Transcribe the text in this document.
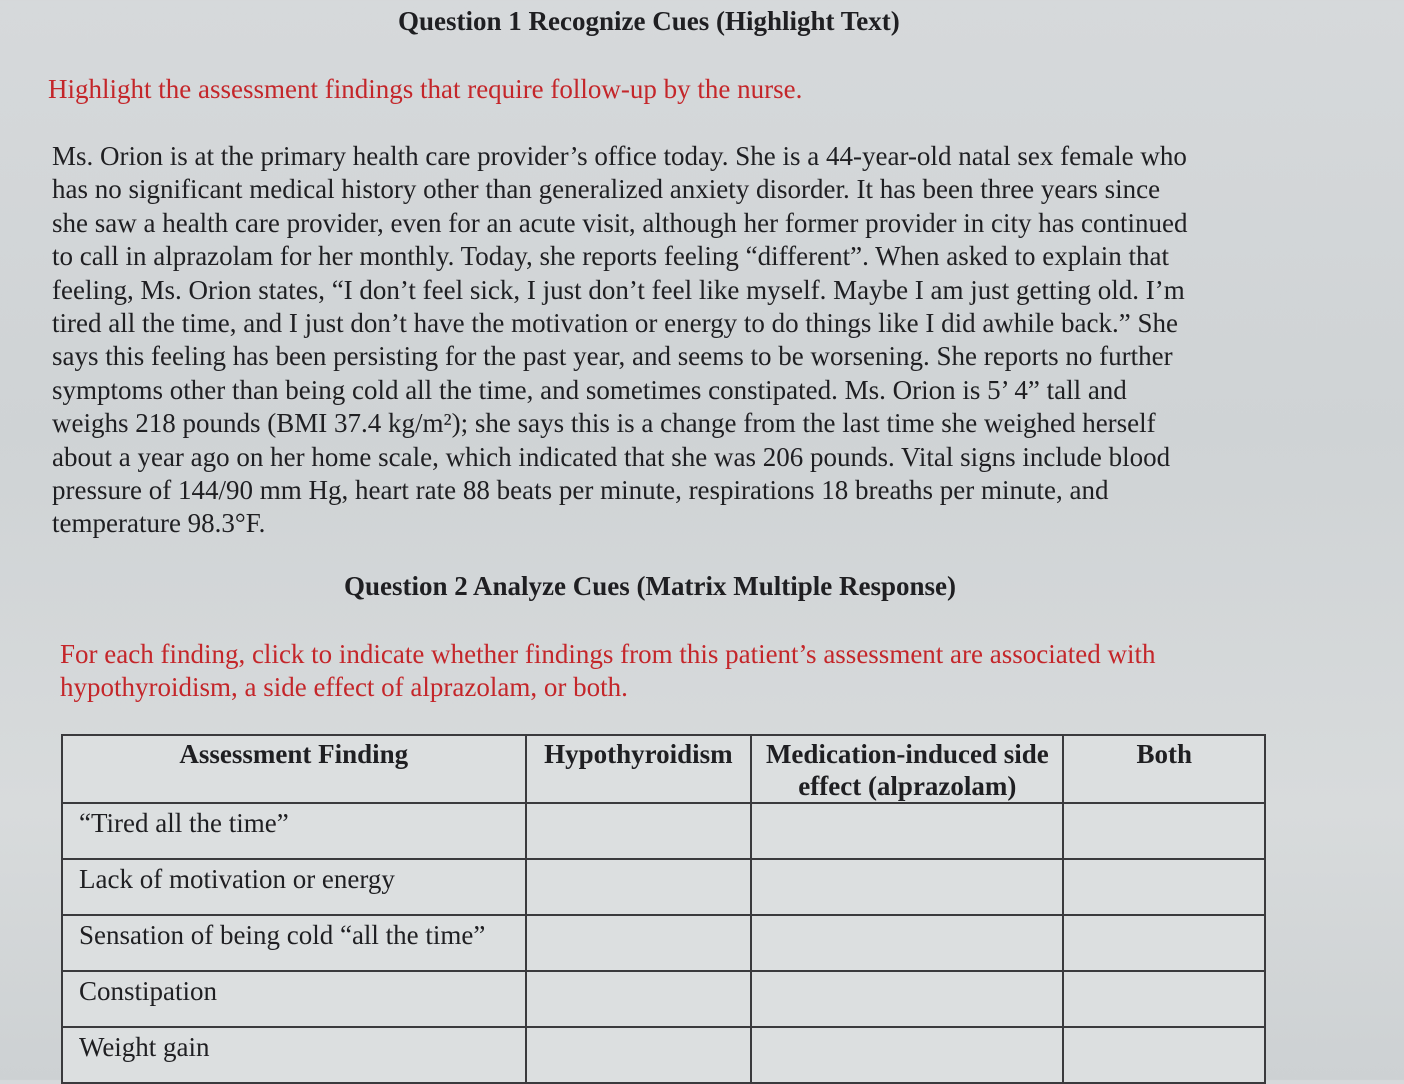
Question 1 Recognize Cues (Highlight Text)
Highlight the assessment findings that require follow-up by the nurse.
Ms. Orion is at the primary health care provider’s office today. She is a 44-year-old natal sex female who
has no significant medical history other than generalized anxiety disorder. It has been three years since
she saw a health care provider, even for an acute visit, although her former provider in city has continued
to call in alprazolam for her monthly. Today, she reports feeling “different”. When asked to explain that
feeling, Ms. Orion states, “I don’t feel sick, I just don’t feel like myself. Maybe I am just getting old. I’m
tired all the time, and I just don’t have the motivation or energy to do things like I did awhile back.” She
says this feeling has been persisting for the past year, and seems to be worsening. She reports no further
symptoms other than being cold all the time, and sometimes constipated. Ms. Orion is 5’ 4” tall and
weighs 218 pounds (BMI 37.4 kg/m²); she says this is a change from the last time she weighed herself
about a year ago on her home scale, which indicated that she was 206 pounds. Vital signs include blood
pressure of 144/90 mm Hg, heart rate 88 beats per minute, respirations 18 breaths per minute, and
temperature 98.3°F.
Question 2 Analyze Cues (Matrix Multiple Response)
For each finding, click to indicate whether findings from this patient’s assessment are associated with hypothyroidism, a side effect of alprazolam, or both.
Assessment Finding	Hypothyroidism	Medication-induced side effect (alprazolam)	Both
“Tired all the time”			
Lack of motivation or energy			
Sensation of being cold “all the time”			
Constipation			
Weight gain			
